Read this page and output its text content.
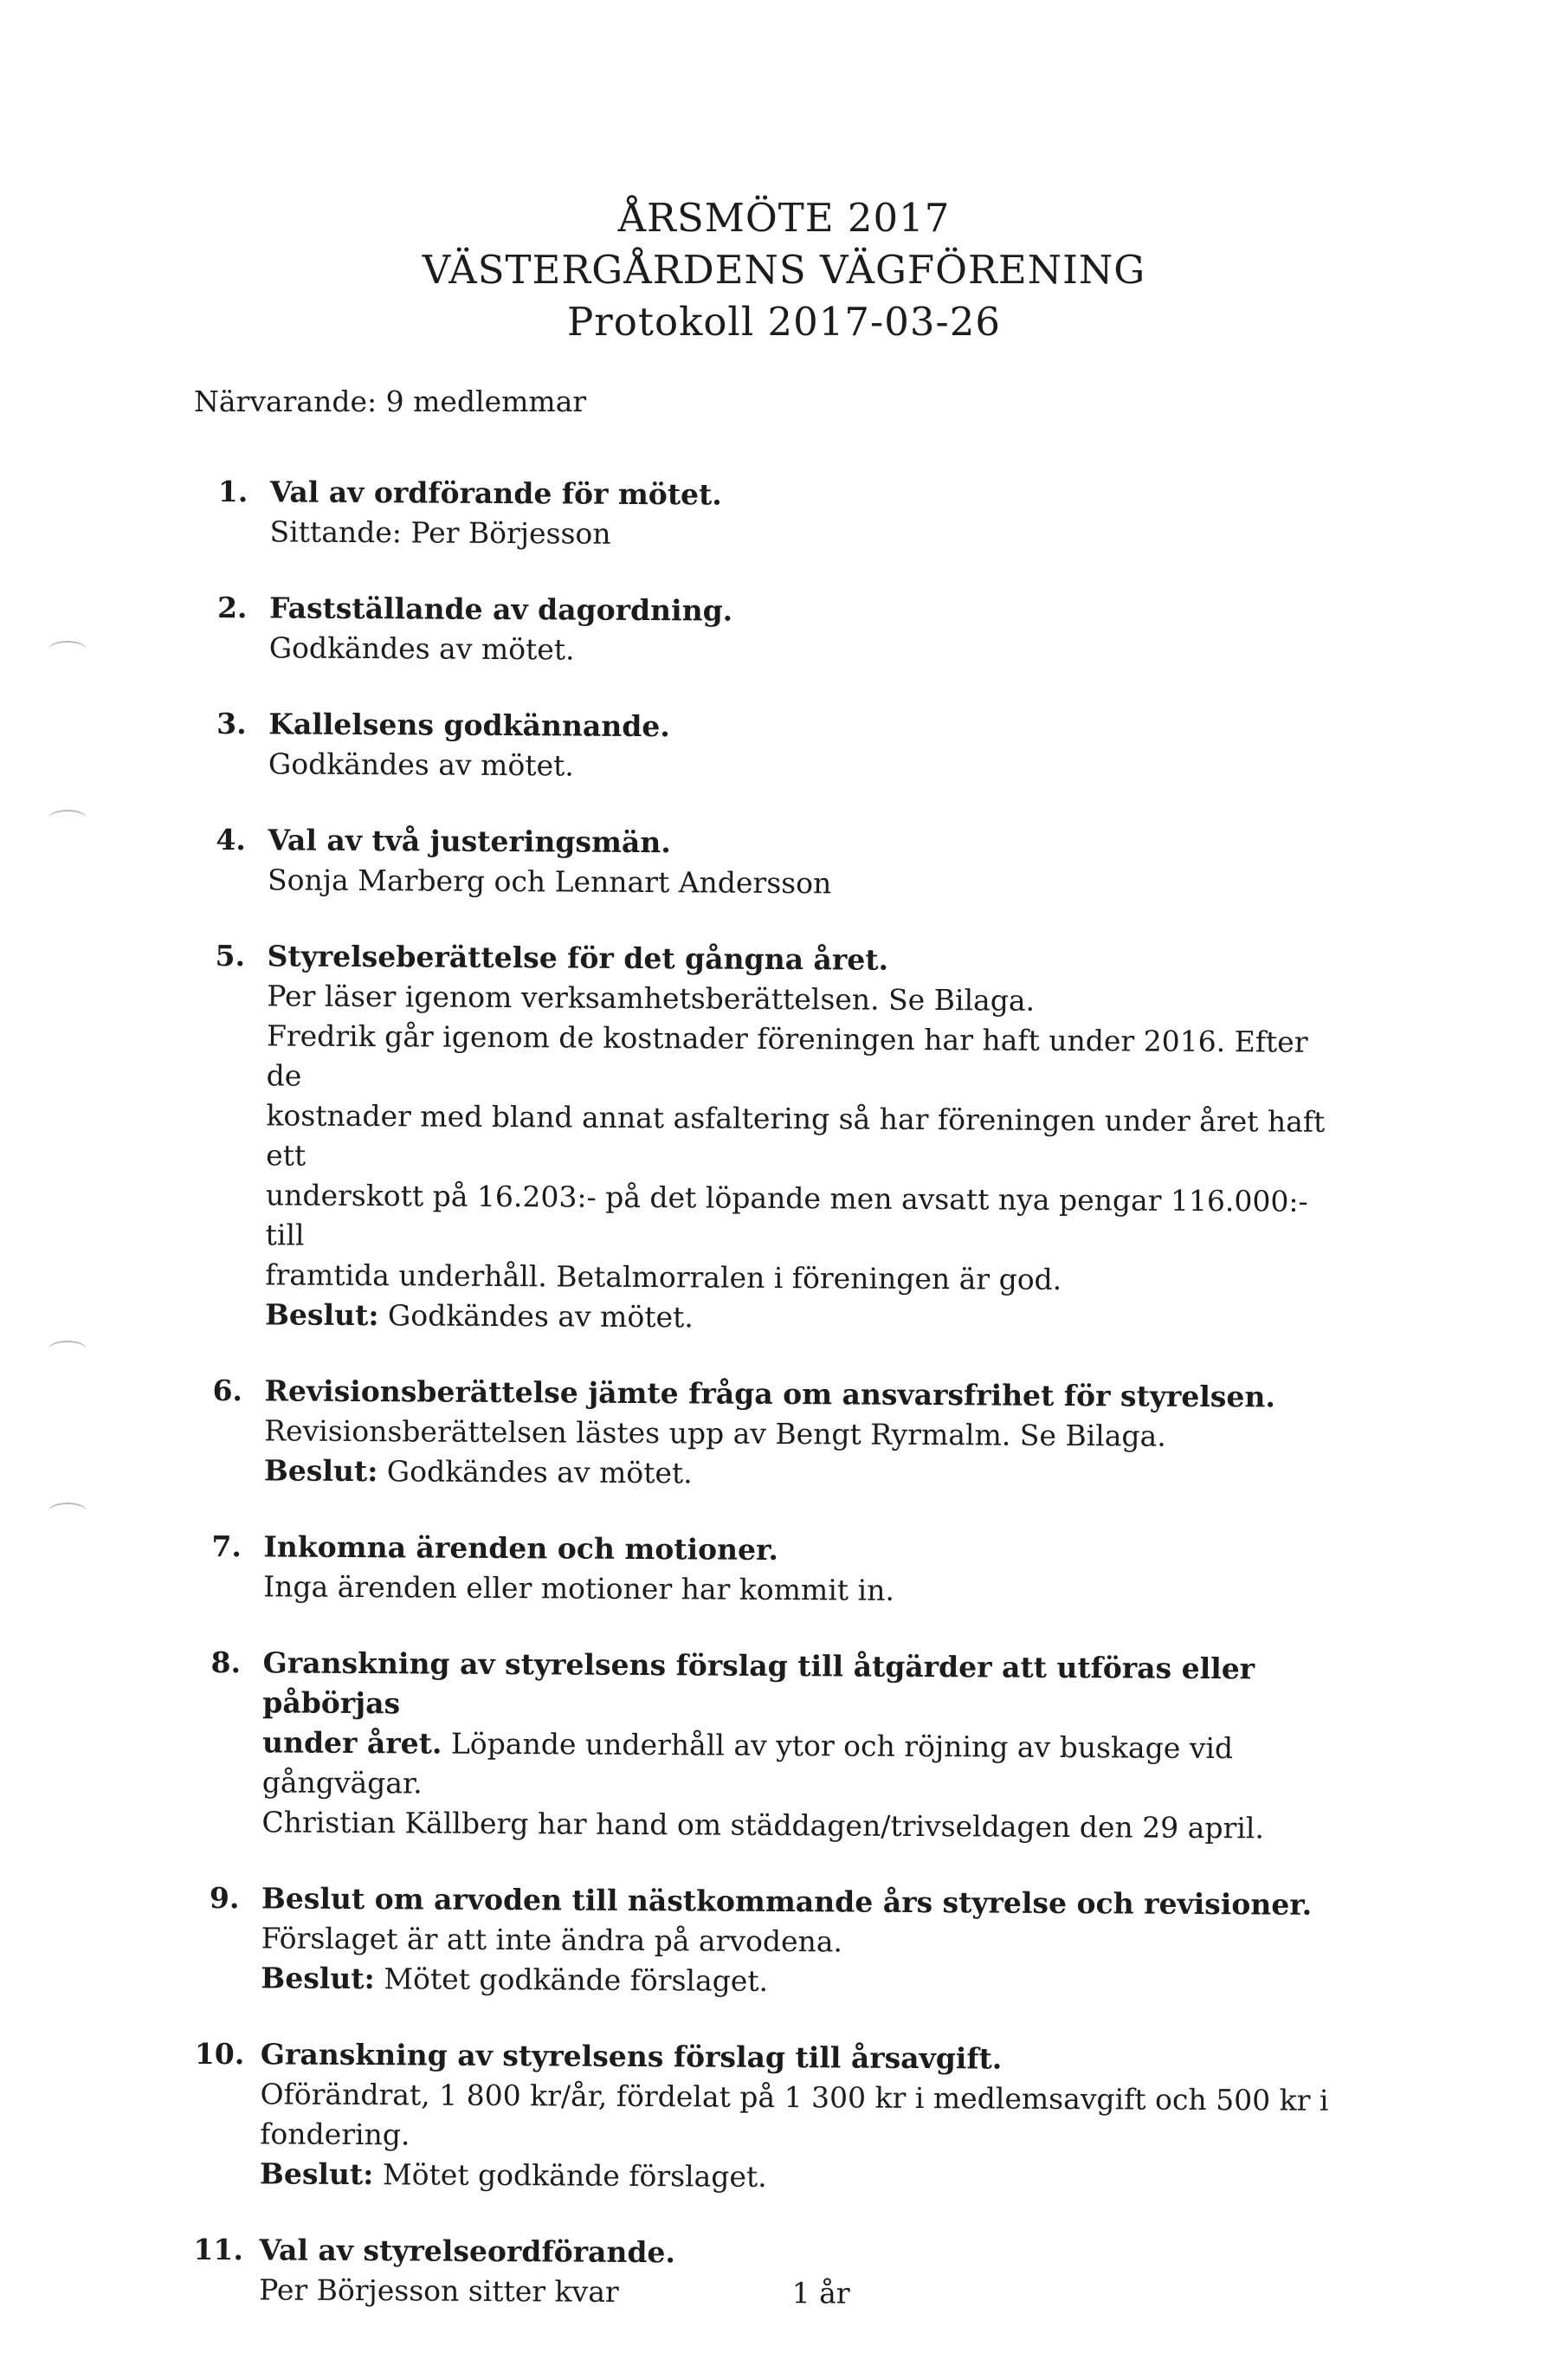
ÅRSMÖTE 2017
VÄSTERGÅRDENS VÄGFÖRENING
Protokoll 2017-03-26
Närvarande: 9 medlemmar
1. Val av ordförande för mötet.
Sittande: Per Börjesson
2. Fastställande av dagordning.
Godkändes av mötet.
3. Kallelsens godkännande.
Godkändes av mötet.
4. Val av två justeringsmän.
Sonja Marberg och Lennart Andersson
5. Styrelseberättelse för det gångna året.
Per läser igenom verksamhetsberättelsen. Se Bilaga.
Fredrik går igenom de kostnader föreningen har haft under 2016. Efter de
kostnader med bland annat asfaltering så har föreningen under året haft ett
underskott på 16.203:- på det löpande men avsatt nya pengar 116.000:- till
framtida underhåll. Betalmorralen i föreningen är god.
Beslut: Godkändes av mötet.
6. Revisionsberättelse jämte fråga om ansvarsfrihet för styrelsen.
Revisionsberättelsen lästes upp av Bengt Ryrmalm. Se Bilaga.
Beslut: Godkändes av mötet.
7. Inkomna ärenden och motioner.
Inga ärenden eller motioner har kommit in.
8. Granskning av styrelsens förslag till åtgärder att utföras eller påbörjas
under året. Löpande underhåll av ytor och röjning av buskage vid gångvägar.
Christian Källberg har hand om städdagen/trivseldagen den 29 april.
9. Beslut om arvoden till nästkommande års styrelse och revisioner.
Förslaget är att inte ändra på arvodena.
Beslut: Mötet godkände förslaget.
10. Granskning av styrelsens förslag till årsavgift.
Oförändrat, 1 800 kr/år, fördelat på 1 300 kr i medlemsavgift och 500 kr i
fondering.
Beslut: Mötet godkände förslaget.
11. Val av styrelseordförande.
Per Börjesson sitter kvar	1 år
